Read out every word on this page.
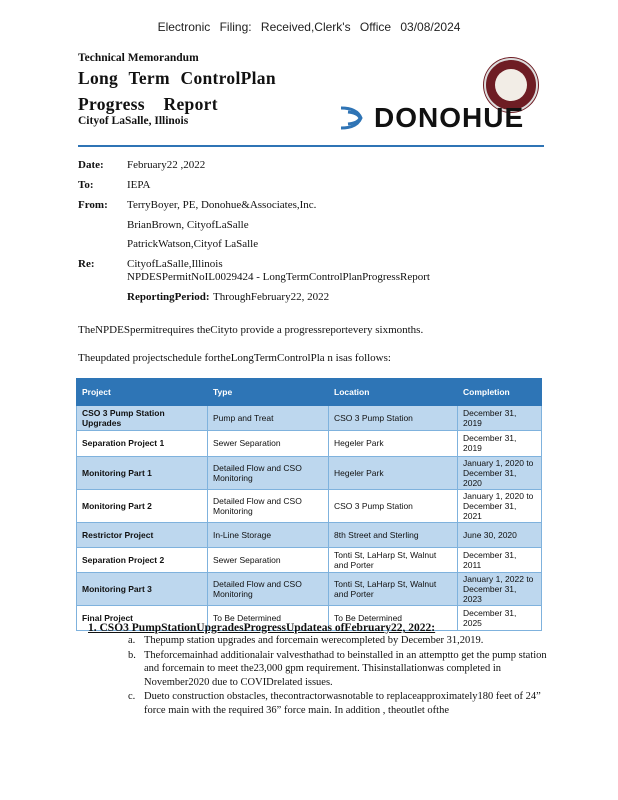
Electronic Filing: Received,Clerk's Office 03/08/2024
Technical Memorandum
Long Term ControlPlan
Progress Report
Cityof LaSalle, Illinois	DONOHUE
Date: February22 ,2022
To:	IEPA
From: TerryBoyer, PE, Donohue&Associates,Inc.
BrianBrown, CityofLaSalle
PatrickWatson,Cityof LaSalle
Re:	CityofLaSalle,Illinois
NPDESPermitNoIL0029424 - LongTermControlPlanProgressReport
ReportingPeriod: ThroughFebruary22, 2022
TheNPDESpermitrequires theCityto provide a progressreportevery sixmonths.
Theupdated projectschedule fortheLongTermControlPla n isas follows:
Project	Type	Location	Completion
CSO 3 Pump Station Upgrades	Pump and Treat	CSO 3 Pump Station	December 31, 2019
Separation Project 1	Sewer Separation	Hegeler Park	December 31, 2019
Monitoring Part 1	Detailed Flow and CSO Monitoring	Hegeler Park	January 1, 2020 to December 31, 2020
Monitoring Part 2	Detailed Flow and CSO Monitoring	CSO 3 Pump Station	January 1, 2020 to December 31, 2021
Restrictor Project	In-Line Storage	8th Street and Sterling	June 30, 2020
Separation Project 2	Sewer Separation	Tonti St, LaHarp St, Walnut and Porter	December 31, 2011
Monitoring Part 3	Detailed Flow and CSO Monitoring	Tonti St, LaHarp St, Walnut and Porter	January 1, 2022 to December 31, 2023
Final Project	To Be Determined	To Be Determined	December 31, 2025
1. CSO3 PumpStationUpgradesProgressUpdateas ofFebruary22, 2022:
a. Thepump station upgrades and forcemain werecompleted by December 31,2019.
b. Theforcemainhad additionalair valvesthathad to beinstalled in an attemptto get the pump station and forcemain to meet the23,000 gpm requirement. Thisinstallationwas completed in November2020 due to COVIDrelated issues.
c. Dueto construction obstacles, thecontractorwasnotable to replaceapproximately180 feet of 24” force main with the required 36” force main. In addition , theoutlet ofthe
